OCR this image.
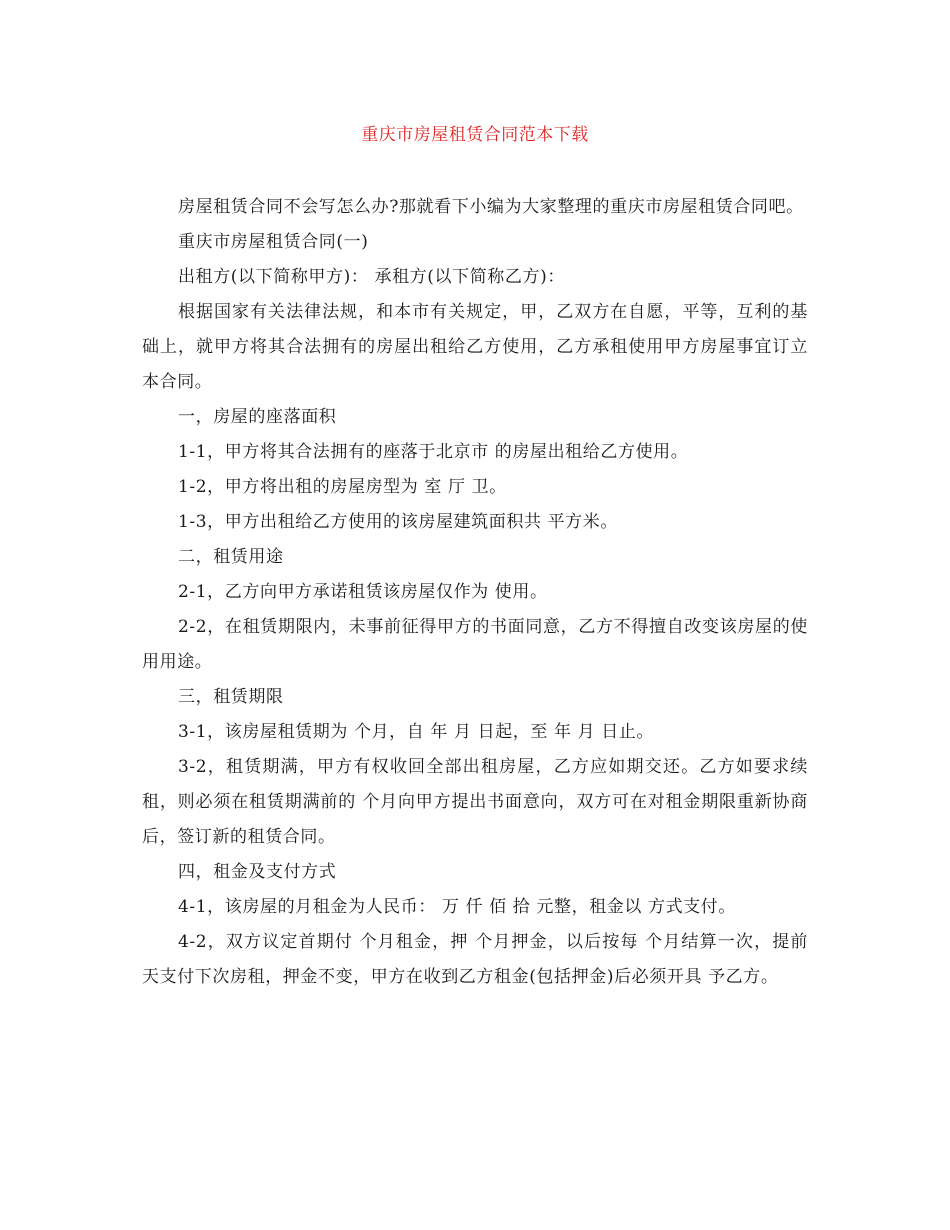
重庆市房屋租赁合同范本下载

房屋租赁合同不会写怎么办?那就看下小编为大家整理的重庆市房屋租赁合同吧。

重庆市房屋租赁合同(一)

出租方(以下简称甲方)： 承租方(以下简称乙方)：

根据国家有关法律法规，和本市有关规定，甲，乙双方在自愿，平等，互利的基础上，就甲方将其合法拥有的房屋出租给乙方使用，乙方承租使用甲方房屋事宜订立本合同。

一，房屋的座落面积

1-1，甲方将其合法拥有的座落于北京市 的房屋出租给乙方使用。

1-2，甲方将出租的房屋房型为 室 厅 卫。

1-3，甲方出租给乙方使用的该房屋建筑面积共 平方米。

二，租赁用途

2-1，乙方向甲方承诺租赁该房屋仅作为 使用。

2-2，在租赁期限内，未事前征得甲方的书面同意，乙方不得擅自改变该房屋的使用用途。

三，租赁期限

3-1，该房屋租赁期为 个月，自 年 月 日起，至 年 月 日止。

3-2，租赁期满，甲方有权收回全部出租房屋，乙方应如期交还。乙方如要求续租，则必须在租赁期满前的 个月向甲方提出书面意向，双方可在对租金期限重新协商后，签订新的租赁合同。

四，租金及支付方式

4-1，该房屋的月租金为人民币： 万 仟 佰 拾 元整，租金以 方式支付。

4-2，双方议定首期付 个月租金，押 个月押金，以后按每 个月结算一次，提前 天支付下次房租，押金不变，甲方在收到乙方租金(包括押金)后必须开具 予乙方。
